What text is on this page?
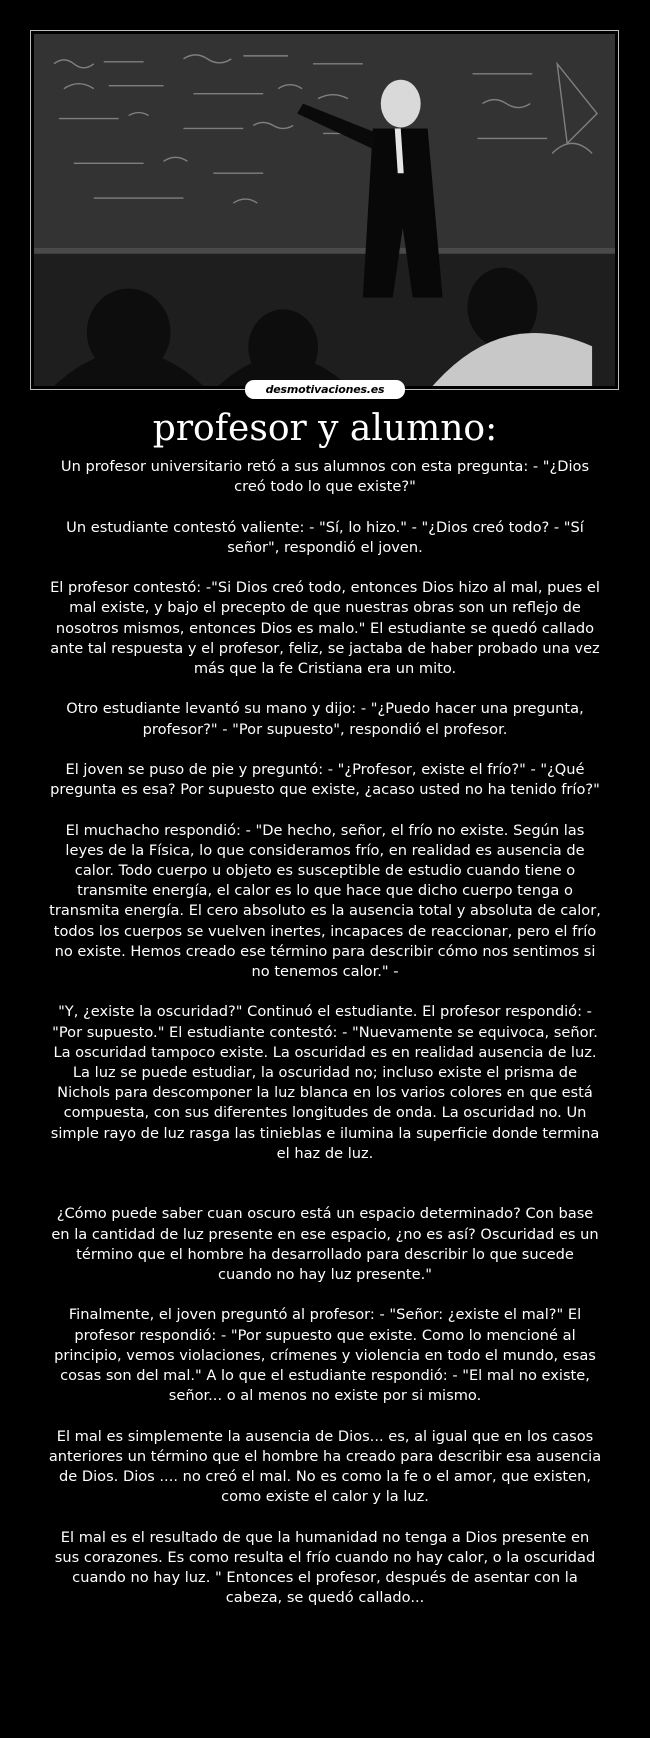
desmotivaciones.es
profesor y alumno:

Un profesor universitario retó a sus alumnos con esta pregunta: - "¿Dios creó todo lo que existe?"

Un estudiante contestó valiente: - "Sí, lo hizo." - "¿Dios creó todo? - "Sí señor", respondió el joven.

El profesor contestó: -"Si Dios creó todo, entonces Dios hizo al mal, pues el mal existe, y bajo el precepto de que nuestras obras son un reflejo de nosotros mismos, entonces Dios es malo." El estudiante se quedó callado ante tal respuesta y el profesor, feliz, se jactaba de haber probado una vez más que la fe Cristiana era un mito.

Otro estudiante levantó su mano y dijo: - "¿Puedo hacer una pregunta, profesor?" - "Por supuesto", respondió el profesor.

El joven se puso de pie y preguntó: - "¿Profesor, existe el frío?" - "¿Qué pregunta es esa? Por supuesto que existe, ¿acaso usted no ha tenido frío?"

El muchacho respondió: - "De hecho, señor, el frío no existe. Según las leyes de la Física, lo que consideramos frío, en realidad es ausencia de calor. Todo cuerpo u objeto es susceptible de estudio cuando tiene o transmite energía, el calor es lo que hace que dicho cuerpo tenga o transmita energía. El cero absoluto es la ausencia total y absoluta de calor, todos los cuerpos se vuelven inertes, incapaces de reaccionar, pero el frío no existe. Hemos creado ese término para describir cómo nos sentimos si no tenemos calor." -

"Y, ¿existe la oscuridad?" Continuó el estudiante. El profesor respondió: - "Por supuesto." El estudiante contestó: - "Nuevamente se equivoca, señor. La oscuridad tampoco existe. La oscuridad es en realidad ausencia de luz. La luz se puede estudiar, la oscuridad no; incluso existe el prisma de Nichols para descomponer la luz blanca en los varios colores en que está compuesta, con sus diferentes longitudes de onda. La oscuridad no. Un simple rayo de luz rasga las tinieblas e ilumina la superficie donde termina el haz de luz.

¿Cómo puede saber cuan oscuro está un espacio determinado? Con base en la cantidad de luz presente en ese espacio, ¿no es así? Oscuridad es un término que el hombre ha desarrollado para describir lo que sucede cuando no hay luz presente."

Finalmente, el joven preguntó al profesor: - "Señor: ¿existe el mal?" El profesor respondió: - "Por supuesto que existe. Como lo mencioné al principio, vemos violaciones, crímenes y violencia en todo el mundo, esas cosas son del mal." A lo que el estudiante respondió: - "El mal no existe, señor... o al menos no existe por si mismo.

El mal es simplemente la ausencia de Dios... es, al igual que en los casos anteriores un término que el hombre ha creado para describir esa ausencia de Dios. Dios .... no creó el mal. No es como la fe o el amor, que existen, como existe el calor y la luz.

El mal es el resultado de que la humanidad no tenga a Dios presente en sus corazones. Es como resulta el frío cuando no hay calor, o la oscuridad cuando no hay luz. " Entonces el profesor, después de asentar con la cabeza, se quedó callado...
